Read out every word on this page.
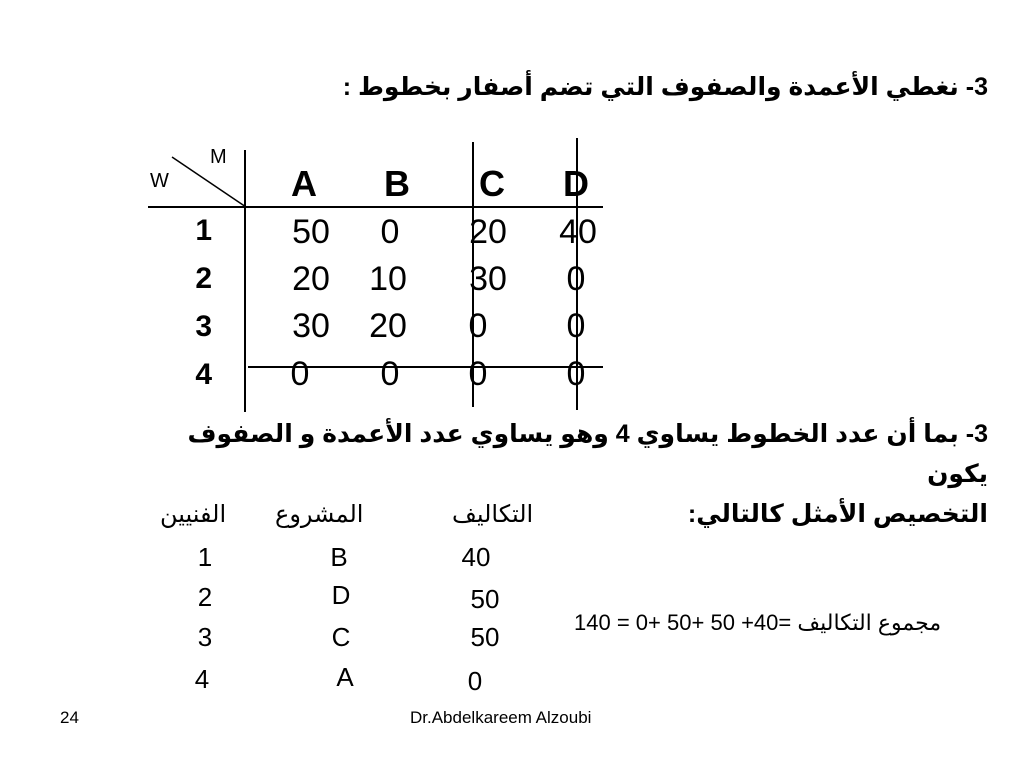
3- نغطي الأعمدة والصفوف التي تضم أصفار بخطوط :
M
W	A	B	C	D
1	50	0	20	40
2	20	10	30	0
3	30	20	0	0
4	0	0	0	0
3- بما أن عدد الخطوط يساوي 4 وهو يساوي عدد الأعمدة و الصفوف يكون
التخصيص الأمثل كالتالي:
الفنيين المشروع	التكاليف
1	B	40
2	D	50
3	C	50
4	A	0
مجموع التكاليف =40+ 50 +50 +0 = 140
24	Dr.Abdelkareem Alzoubi
